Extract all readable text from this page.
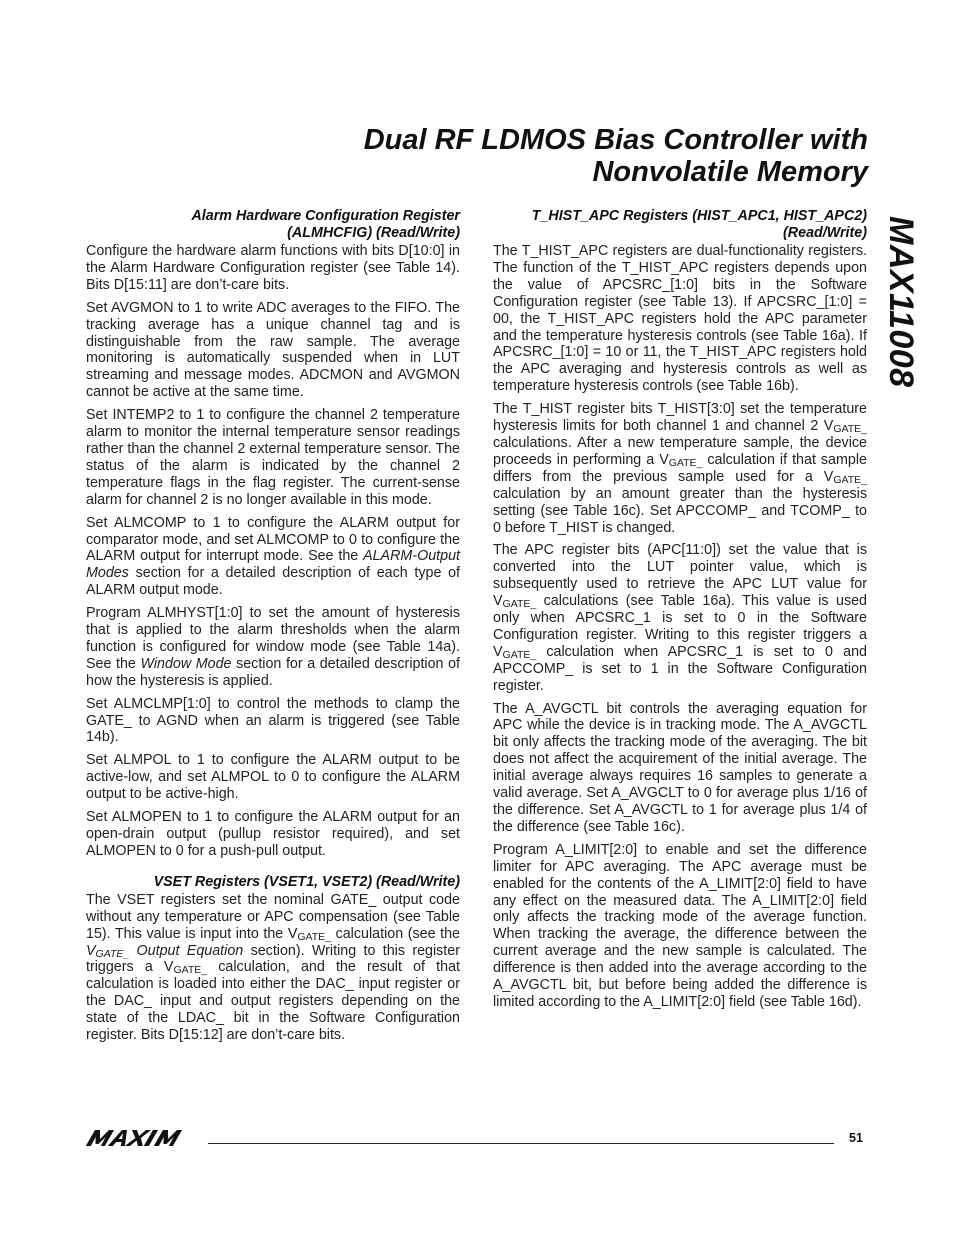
Dual RF LDMOS Bias Controller with
Nonvolatile Memory
MAX11008
Alarm Hardware Configuration Register
(ALMHCFIG) (Read/Write)

Configure the hardware alarm functions with bits D[10:0] in the Alarm Hardware Configuration register (see Table 14). Bits D[15:11] are don’t-care bits.

Set AVGMON to 1 to write ADC averages to the FIFO. The tracking average has a unique channel tag and is distinguishable from the raw sample. The average monitoring is automatically suspended when in LUT streaming and message modes. ADCMON and AVGMON cannot be active at the same time.

Set INTEMP2 to 1 to configure the channel 2 temperature alarm to monitor the internal temperature sensor readings rather than the channel 2 external temperature sensor. The status of the alarm is indicated by the channel 2 temperature flags in the flag register. The current-sense alarm for channel 2 is no longer available in this mode.

Set ALMCOMP to 1 to configure the ALARM output for comparator mode, and set ALMCOMP to 0 to configure the ALARM output for interrupt mode. See the ALARM-Output Modes section for a detailed description of each type of ALARM output mode.

Program ALMHYST[1:0] to set the amount of hysteresis that is applied to the alarm thresholds when the alarm function is configured for window mode (see Table 14a). See the Window Mode section for a detailed description of how the hysteresis is applied.

Set ALMCLMP[1:0] to control the methods to clamp the GATE_ to AGND when an alarm is triggered (see Table 14b).

Set ALMPOL to 1 to configure the ALARM output to be active-low, and set ALMPOL to 0 to configure the ALARM output to be active-high.

Set ALMOPEN to 1 to configure the ALARM output for an open-drain output (pullup resistor required), and set ALMOPEN to 0 for a push-pull output.

VSET Registers (VSET1, VSET2) (Read/Write)

The VSET registers set the nominal GATE_ output code without any temperature or APC compensation (see Table 15). This value is input into the $V_{GATE\_}$ calculation (see the $V_{GATE\_}$ Output Equation section). Writing to this register triggers a $V_{GATE\_}$ calculation, and the result of that calculation is loaded into either the DAC_ input register or the DAC_ input and output registers depending on the state of the LDAC_ bit in the Software Configuration register. Bits D[15:12] are don’t-care bits.

T_HIST_APC Registers (HIST_APC1, HIST_APC2)
(Read/Write)

The T_HIST_APC registers are dual-functionality registers. The function of the T_HIST_APC registers depends upon the value of APCSRC_[1:0] bits in the Software Configuration register (see Table 13). If APCSRC_[1:0] = 00, the T_HIST_APC registers hold the APC parameter and the temperature hysteresis controls (see Table 16a). If APCSRC_[1:0] = 10 or 11, the T_HIST_APC registers hold the APC averaging and hysteresis controls as well as temperature hysteresis controls (see Table 16b).

The T_HIST register bits T_HIST[3:0] set the temperature hysteresis limits for both channel 1 and channel 2 $V_{GATE\_}$ calculations. After a new temperature sample, the device proceeds in performing a $V_{GATE\_}$ calculation if that sample differs from the previous sample used for a $V_{GATE\_}$ calculation by an amount greater than the hysteresis setting (see Table 16c). Set APCCOMP_ and TCOMP_ to 0 before T_HIST is changed.

The APC register bits (APC[11:0]) set the value that is converted into the LUT pointer value, which is subsequently used to retrieve the APC LUT value for $V_{GATE\_}$ calculations (see Table 16a). This value is used only when APCSRC_1 is set to 0 in the Software Configuration register. Writing to this register triggers a $V_{GATE\_}$ calculation when APCSRC_1 is set to 0 and APCCOMP_ is set to 1 in the Software Configuration register.

The A_AVGCTL bit controls the averaging equation for APC while the device is in tracking mode. The A_AVGCTL bit only affects the tracking mode of the averaging. The bit does not affect the acquirement of the initial average. The initial average always requires 16 samples to generate a valid average. Set A_AVGCLT to 0 for average plus 1/16 of the difference. Set A_AVGCTL to 1 for average plus 1/4 of the difference (see Table 16c).

Program A_LIMIT[2:0] to enable and set the difference limiter for APC averaging. The APC average must be enabled for the contents of the A_LIMIT[2:0] field to have any effect on the measured data. The A_LIMIT[2:0] field only affects the tracking mode of the average function. When tracking the average, the difference between the current average and the new sample is calculated. The difference is then added into the average according to the A_AVGCTL bit, but before being added the difference is limited according to the A_LIMIT[2:0] field (see Table 16d).

51
